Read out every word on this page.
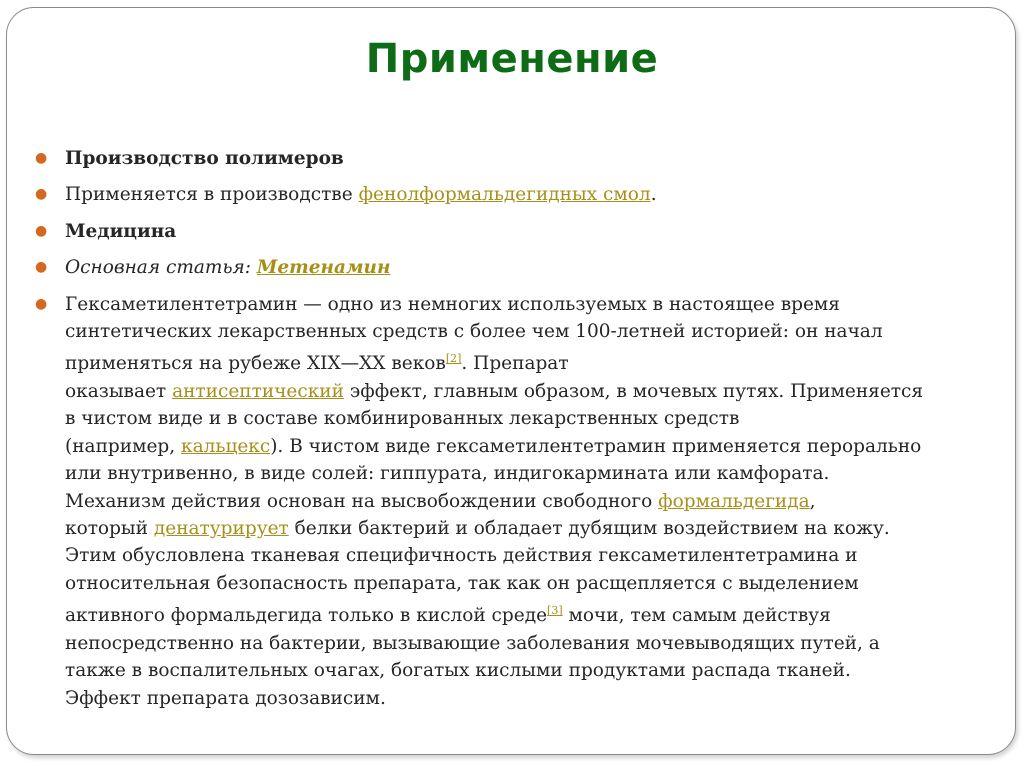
Применение
● Производство полимеров
● Применяется в производстве фенолформальдегидных смол.
● Медицина
● Основная статья: Метенамин
● Гексаметилентетрамин — одно из немногих используемых в настоящее время
синтетических лекарственных средств с более чем 100-летней историей: он начал
применяться на рубеже XIX—XX веков[2]. Препарат
оказывает антисептический эффект, главным образом, в мочевых путях. Применяется
в чистом виде и в составе комбинированных лекарственных средств
(например, кальцекс). В чистом виде гексаметилентетрамин применяется перорально
или внутривенно, в виде солей: гиппурата, индигокармината или камфората.
Механизм действия основан на высвобождении свободного формальдегида,
который денатурирует белки бактерий и обладает дубящим воздействием на кожу.
Этим обусловлена тканевая специфичность действия гексаметилентетрамина и
относительная безопасность препарата, так как он расщепляется с выделением
активного формальдегида только в кислой среде[3] мочи, тем самым действуя
непосредственно на бактерии, вызывающие заболевания мочевыводящих путей, а
также в воспалительных очагах, богатых кислыми продуктами распада тканей.
Эффект препарата дозозависим.
